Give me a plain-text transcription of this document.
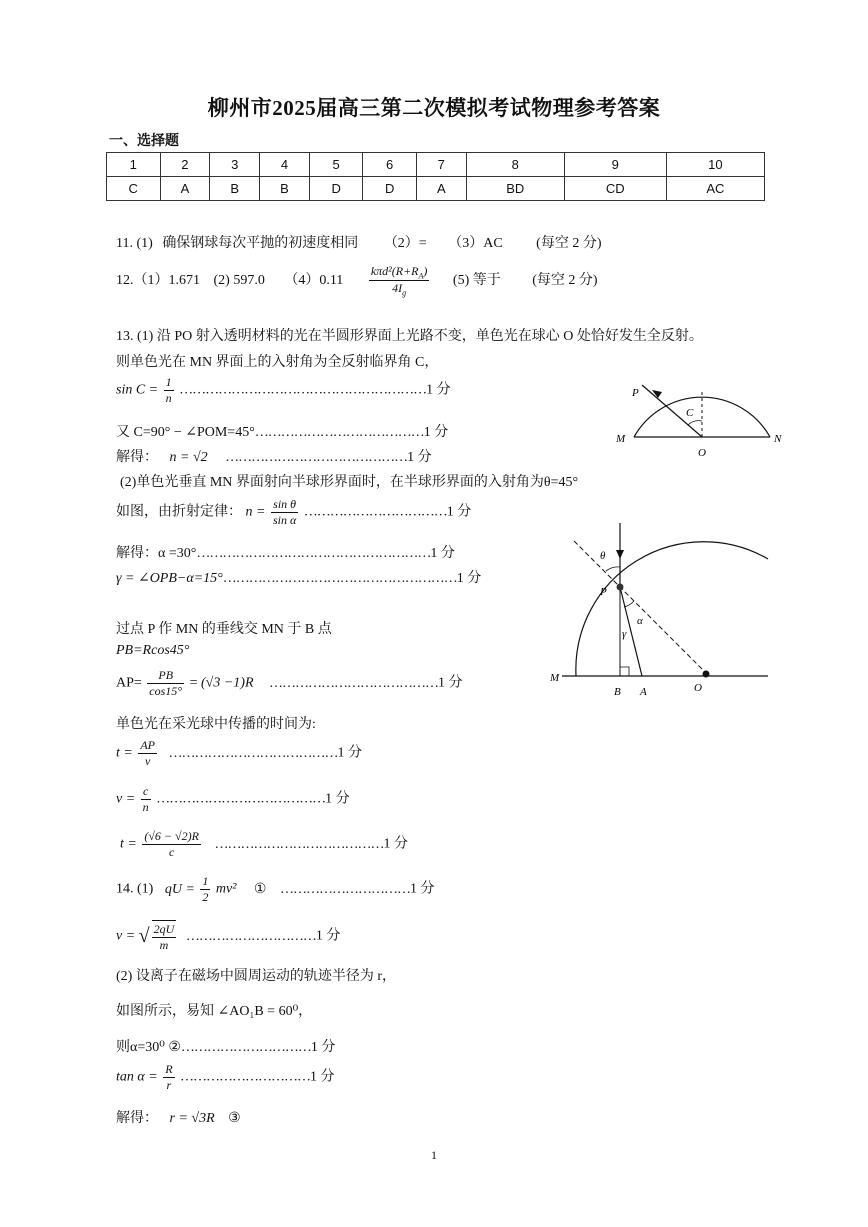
柳州市2025届高三第二次模拟考试物理参考答案
一、选择题
1	2	3	4	5	6	7	8	9	10
C	A	B	B	D	D	A	BD	CD	AC
11. (1) 确保钢球每次平抛的初速度相同 （2）= （3）AC (每空 2 分)
12.（1）1.671 (2) 597.0 $(4)0.11 \frac{k\pi d^2(R+R_A)}{4I_g} (5)$ 等于 (每空 2 分)
13. (1) 沿 PO 射入透明材料的光在半圆形界面上光路不变，单色光在球心 O 处恰好发生全反射。
则单色光在 MN 界面上的入射角为全反射临界角 C，
$\sin C = \frac{1}{n}$ …………………………………………………1 分
又 C=90° − ∠POM=45°…………………………………1 分
解得： n = √2 ……………………………………1 分
(2)单色光垂直 MN 界面射向半球形界面时，在半球形界面的入射角为θ=45°
如图，由折射定律： $n = \frac{\text{sin θ}}{\text{sin α}}$ ……………………………1 分
解得：α =30°………………………………………………1 分
γ = ∠OPB−α=15°………………………………………………1 分
过点 P 作 MN 的垂线交 MN 于 B 点
PB=Rcos45°
$AP= \frac{PB}{\cos 15^\circ} = (√3 -1)R$ …………………………………1 分
单色光在采光球中传播的时间为:
$t = \frac{AP}{v}$ …………………………………1 分
$v = \frac{c}{n}$ …………………………………1 分
$t = \frac{(√6 - √2)R}{c}$ …………………………………1 分
14. (1) qU = $\frac{1}{2} mv^2$ ① …………………………1 分
v = √ $\frac{2qU}{m}$ …………………………1 分
(2) 设离子在磁场中圆周运动的轨迹半径为 r，
如图所示，易知 ∠AO₁B = 60⁰，
则α=30⁰ ②…………………………1 分
$\tan \alpha = \frac{R}{r}$ …………………………1 分
解得： r = √3R ③
P
C
M
O
N
θ
P
α
γ
M
B A	O
1
